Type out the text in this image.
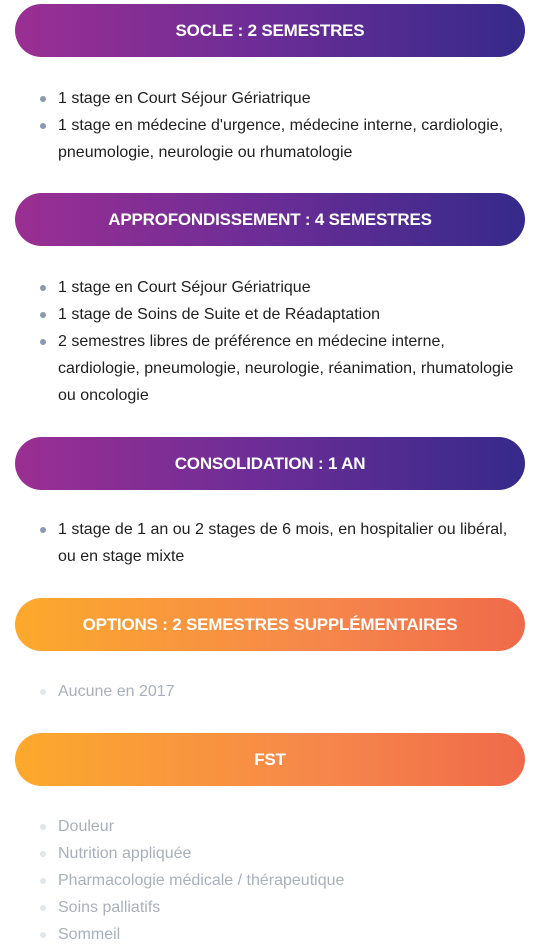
SOCLE : 2 SEMESTRES
1 stage en Court Séjour Gériatrique
1 stage en médecine d'urgence, médecine interne, cardiologie, pneumologie, neurologie ou rhumatologie
APPROFONDISSEMENT : 4 SEMESTRES
1 stage en Court Séjour Gériatrique
1 stage de Soins de Suite et de Réadaptation
2 semestres libres de préférence en médecine interne, cardiologie, pneumologie, neurologie, réanimation, rhumatologie ou oncologie
CONSOLIDATION : 1 AN
1 stage de 1 an ou 2 stages de 6 mois, en hospitalier ou libéral, ou en stage mixte
OPTIONS : 2 SEMESTRES SUPPLÉMENTAIRES
Aucune en 2017
FST
Douleur
Nutrition appliquée
Pharmacologie médicale / thérapeutique
Soins palliatifs
Sommeil
